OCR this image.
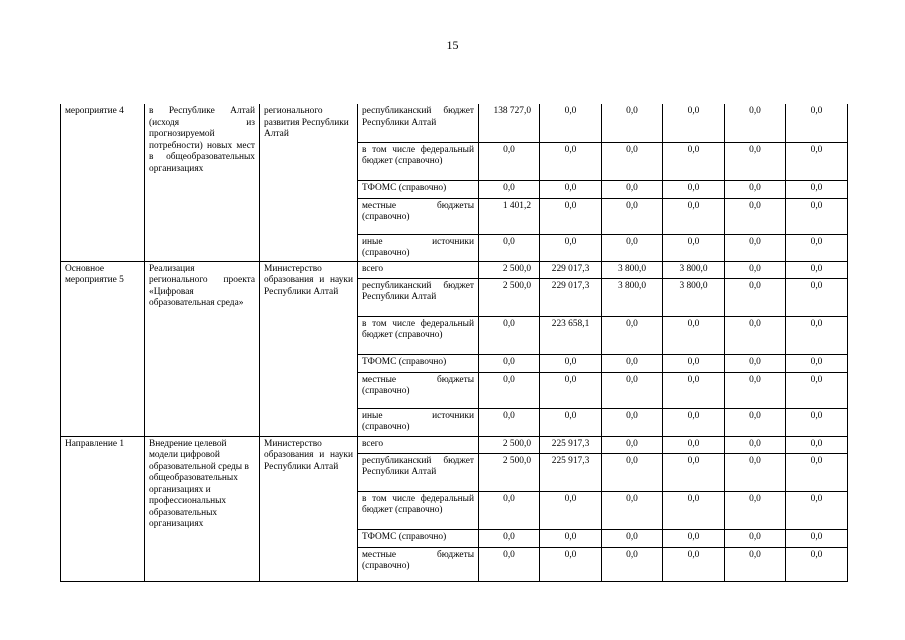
15
мероприятие 4	в Республике Алтай (исходя из прогнозируемой потребности) новых мест в общеобразовательных организациях	регионального развития Республики Алтай	республиканский бюджет Республики Алтай	138 727,0	0,0	0,0	0,0	0,0	0,0
			в том числе федеральный бюджет (справочно)	0,0	0,0	0,0	0,0	0,0	0,0
			ТФОМС (справочно)	0,0	0,0	0,0	0,0	0,0	0,0
			местные бюджеты (справочно)	1 401,2	0,0	0,0	0,0	0,0	0,0
			иные источники (справочно)	0,0	0,0	0,0	0,0	0,0	0,0
Основное мероприятие 5	Реализация регионального проекта «Цифровая образовательная среда»	Министерство образования и науки Республики Алтай	всего	2 500,0	229 017,3	3 800,0	3 800,0	0,0	0,0
			республиканский бюджет Республики Алтай	2 500,0	229 017,3	3 800,0	3 800,0	0,0	0,0
			в том числе федеральный бюджет (справочно)	0,0	223 658,1	0,0	0,0	0,0	0,0
			ТФОМС (справочно)	0,0	0,0	0,0	0,0	0,0	0,0
			местные бюджеты (справочно)	0,0	0,0	0,0	0,0	0,0	0,0
			иные источники (справочно)	0,0	0,0	0,0	0,0	0,0	0,0
Направление 1	Внедрение целевой модели цифровой образовательной среды в общеобразовательных организациях и профессиональных образовательных организациях	Министерство образования и науки Республики Алтай	всего	2 500,0	225 917,3	0,0	0,0	0,0	0,0
			республиканский бюджет Республики Алтай	2 500,0	225 917,3	0,0	0,0	0,0	0,0
			в том числе федеральный бюджет (справочно)	0,0	0,0	0,0	0,0	0,0	0,0
			ТФОМС (справочно)	0,0	0,0	0,0	0,0	0,0	0,0
			местные бюджеты (справочно)	0,0	0,0	0,0	0,0	0,0	0,0
